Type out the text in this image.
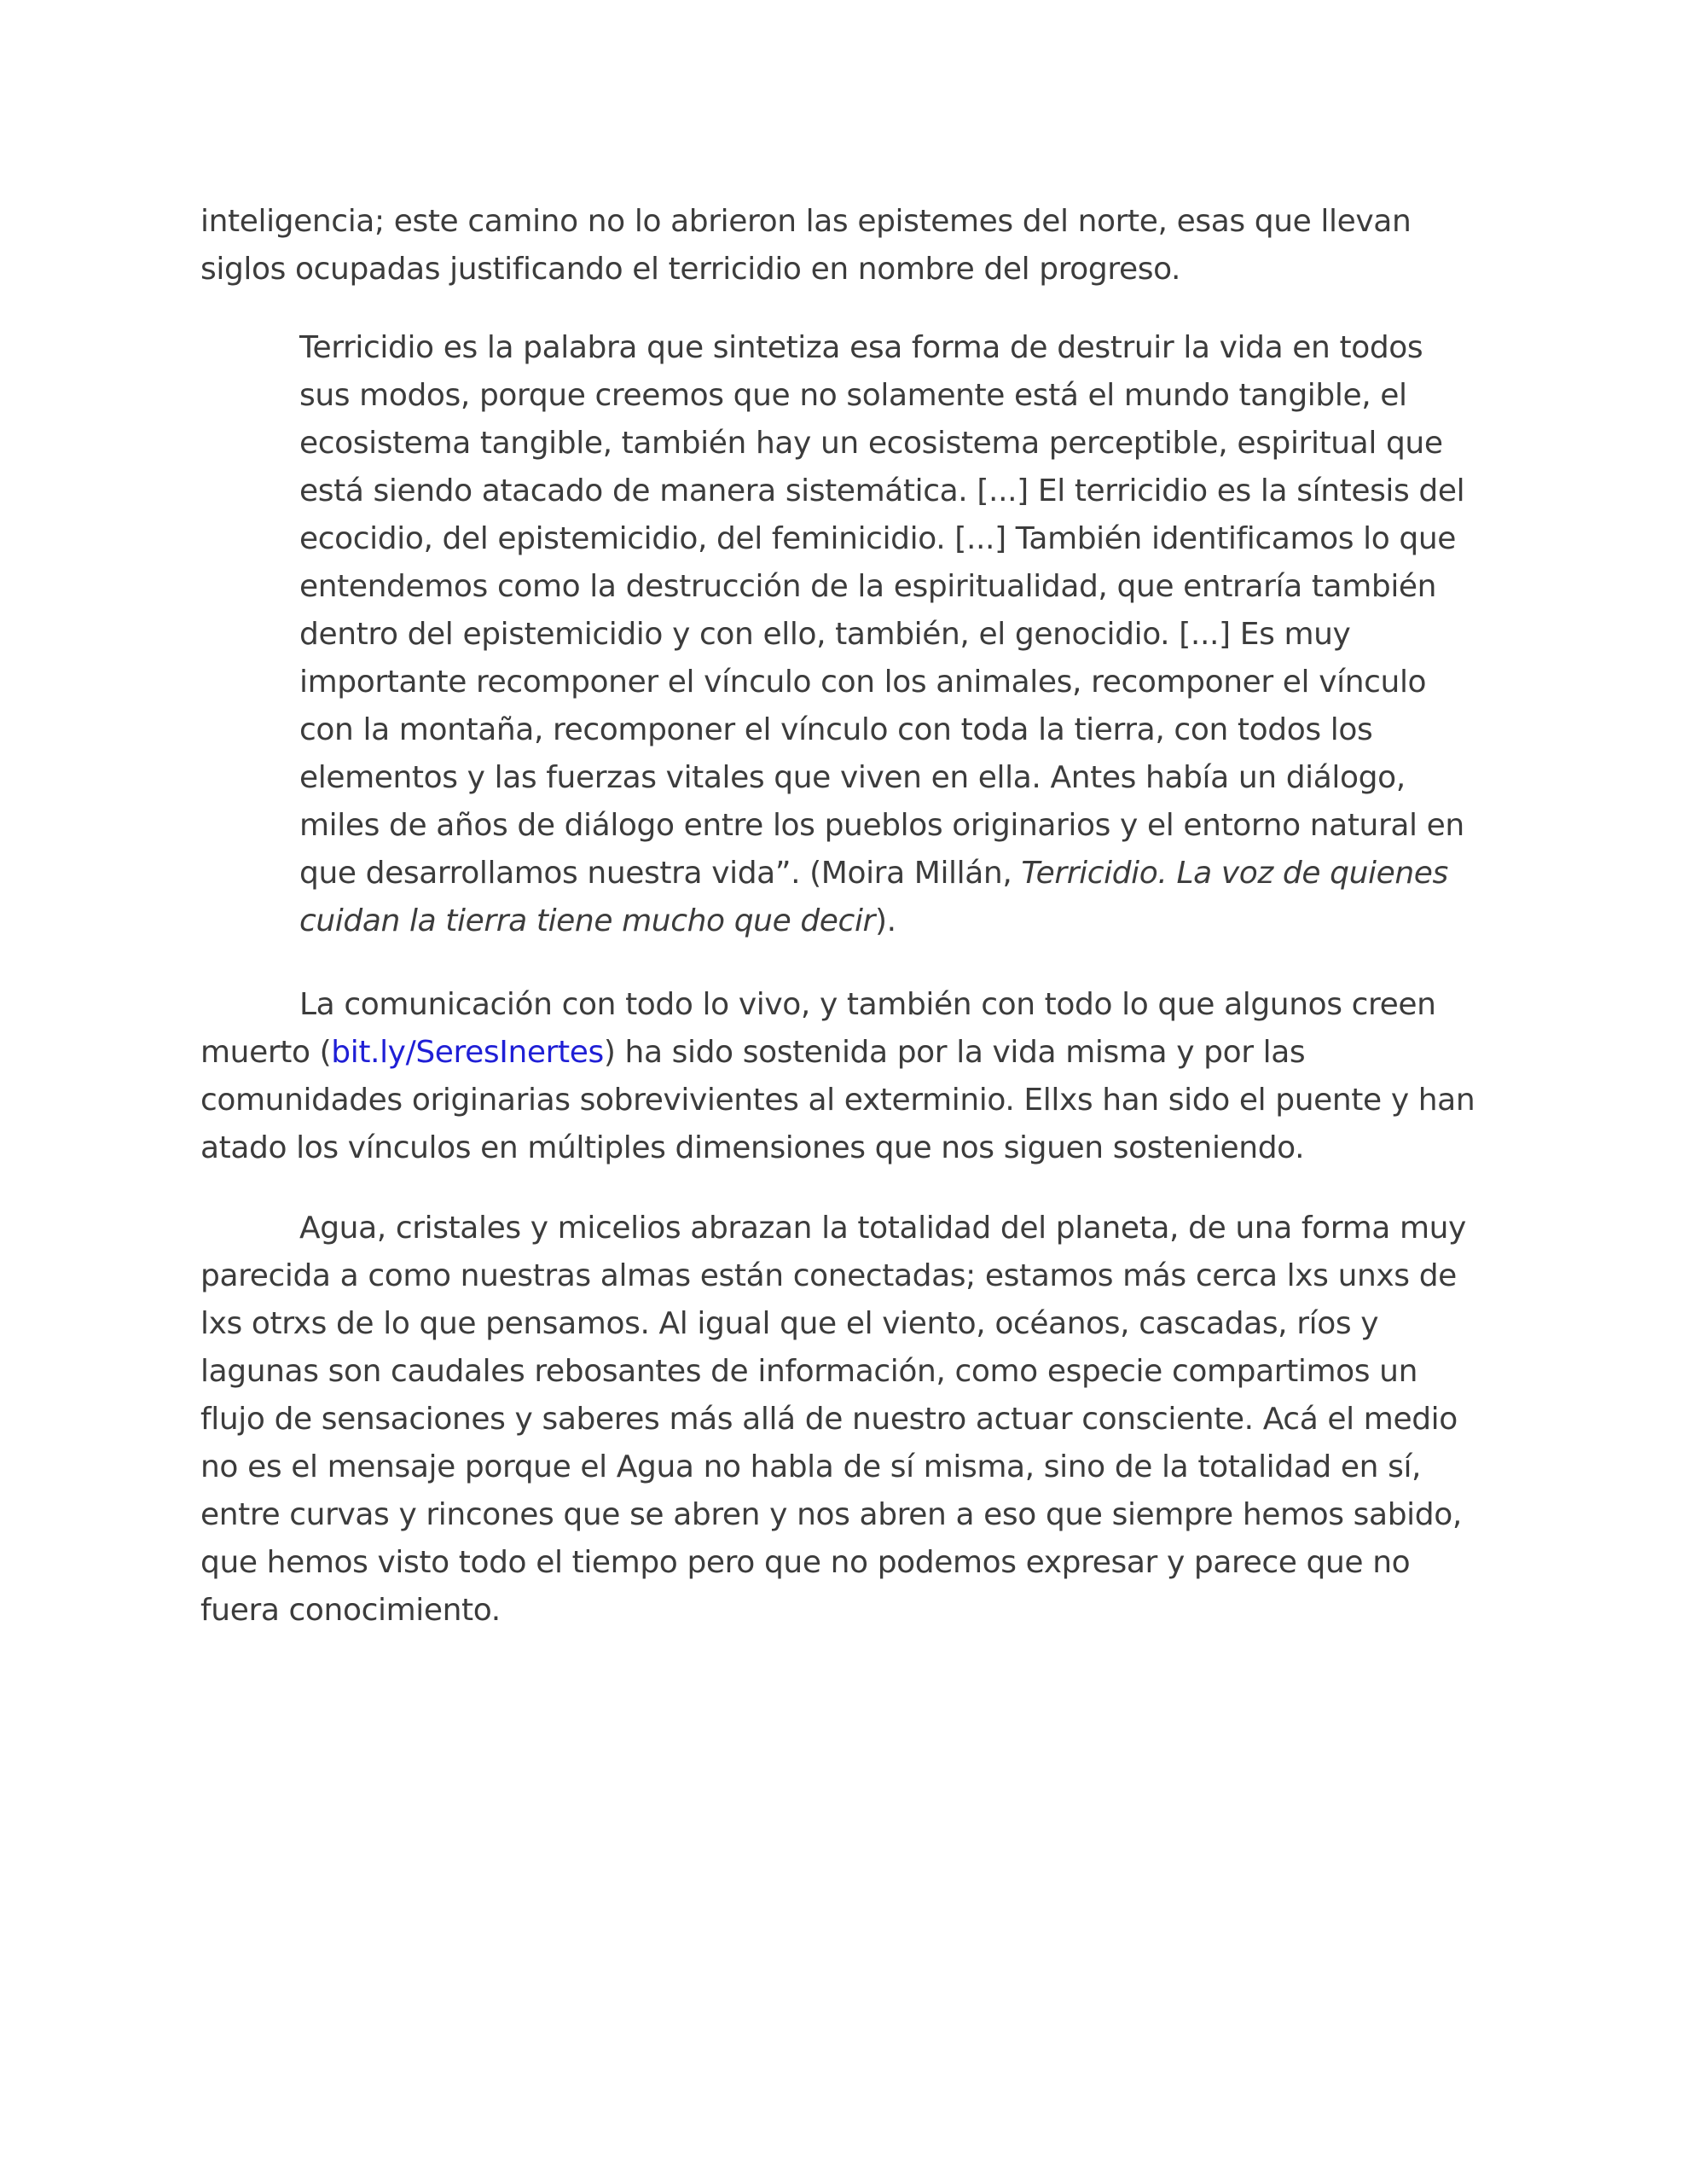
inteligencia; este camino no lo abrieron las epistemes del norte, esas que llevan
siglos ocupadas justificando el terricidio en nombre del progreso.

Terricidio es la palabra que sintetiza esa forma de destruir la vida en todos
sus modos, porque creemos que no solamente está el mundo tangible, el
ecosistema tangible, también hay un ecosistema perceptible, espiritual que
está siendo atacado de manera sistemática. [...] El terricidio es la síntesis del
ecocidio, del epistemicidio, del feminicidio. [...] También identificamos lo que
entendemos como la destrucción de la espiritualidad, que entraría también
dentro del epistemicidio y con ello, también, el genocidio. [...] Es muy
importante recomponer el vínculo con los animales, recomponer el vínculo
con la montaña, recomponer el vínculo con toda la tierra, con todos los
elementos y las fuerzas vitales que viven en ella. Antes había un diálogo,
miles de años de diálogo entre los pueblos originarios y el entorno natural en
que desarrollamos nuestra vida”. (Moira Millán, Terricidio. La voz de quienes
cuidan la tierra tiene mucho que decir).

La comunicación con todo lo vivo, y también con todo lo que algunos creen
muerto (bit.ly/SeresInertes) ha sido sostenida por la vida misma y por las
comunidades originarias sobrevivientes al exterminio. Ellxs han sido el puente y han
atado los vínculos en múltiples dimensiones que nos siguen sosteniendo.

Agua, cristales y micelios abrazan la totalidad del planeta, de una forma muy
parecida a como nuestras almas están conectadas; estamos más cerca lxs unxs de
lxs otrxs de lo que pensamos. Al igual que el viento, océanos, cascadas, ríos y
lagunas son caudales rebosantes de información, como especie compartimos un
flujo de sensaciones y saberes más allá de nuestro actuar consciente. Acá el medio
no es el mensaje porque el Agua no habla de sí misma, sino de la totalidad en sí,
entre curvas y rincones que se abren y nos abren a eso que siempre hemos sabido,
que hemos visto todo el tiempo pero que no podemos expresar y parece que no
fuera conocimiento.
